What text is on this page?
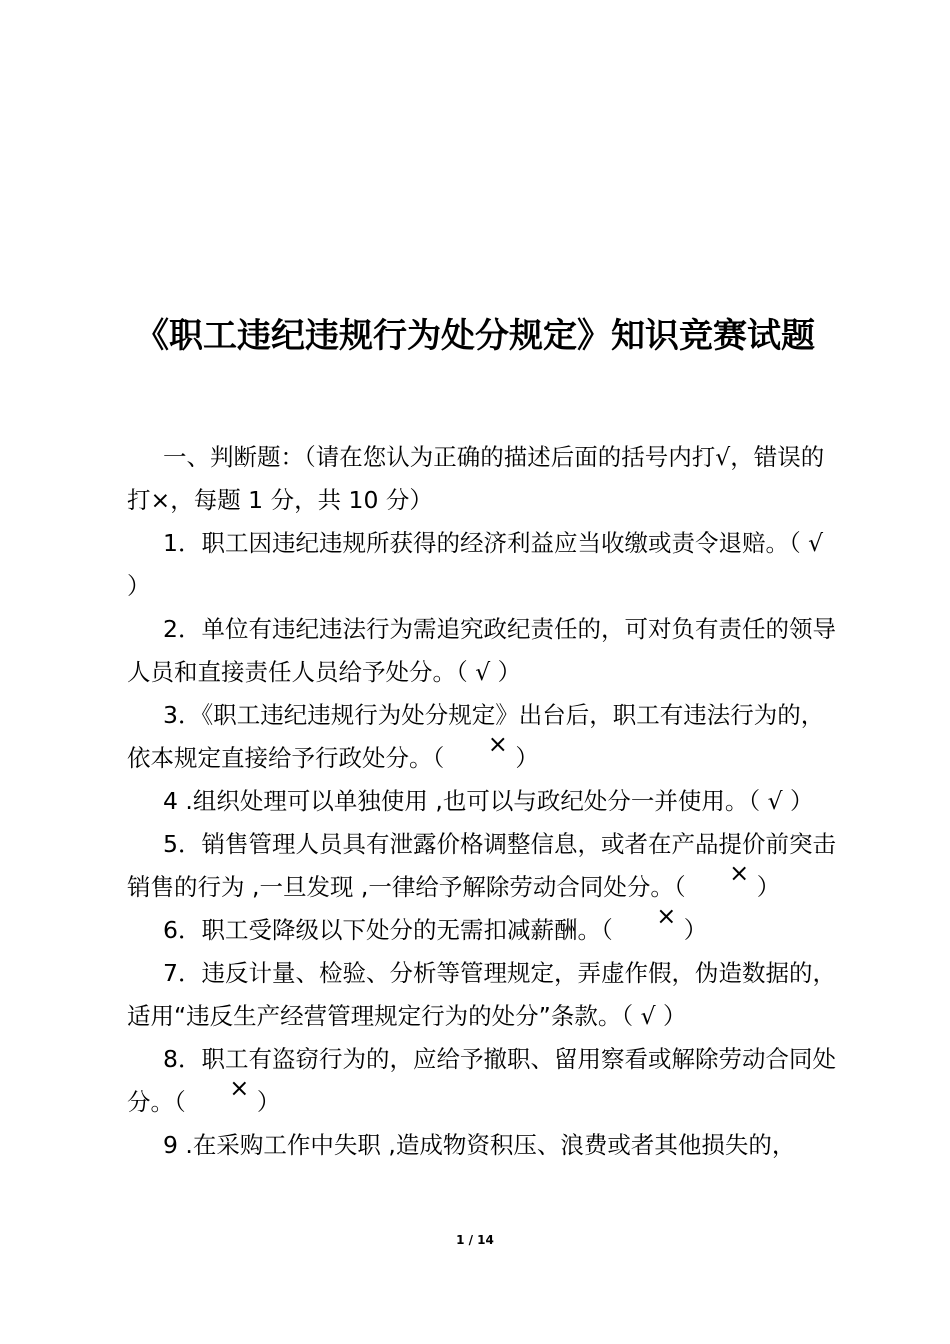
《职工违纪违规行为处分规定》知识竞赛试题

一、判断题：（请在您认为正确的描述后面的括号内打√，错误的打×，每题 1 分，共 10 分）

1．职工因违纪违规所获得的经济利益应当收缴或责令退赔。（ √ ）

2．单位有违纪违法行为需追究政纪责任的，可对负有责任的领导人员和直接责任人员给予处分。（ √ ）

3．《职工违纪违规行为处分规定》出台后，职工有违法行为的，依本规定直接给予行政处分。（ × ）

4 .组织处理可以单独使用 ,也可以与政纪处分一并使用。（ √ ）

5．销售管理人员具有泄露价格调整信息，或者在产品提价前突击销售的行为 ,一旦发现 ,一律给予解除劳动合同处分。（ × ）

6．职工受降级以下处分的无需扣减薪酬。（ × ）

7．违反计量、检验、分析等管理规定，弄虚作假，伪造数据的，适用“违反生产经营管理规定行为的处分”条款。（ √ ）

8．职工有盗窃行为的，应给予撤职、留用察看或解除劳动合同处分。（ × ）

9 .在采购工作中失职 ,造成物资积压、浪费或者其他损失的，

1 / 14
